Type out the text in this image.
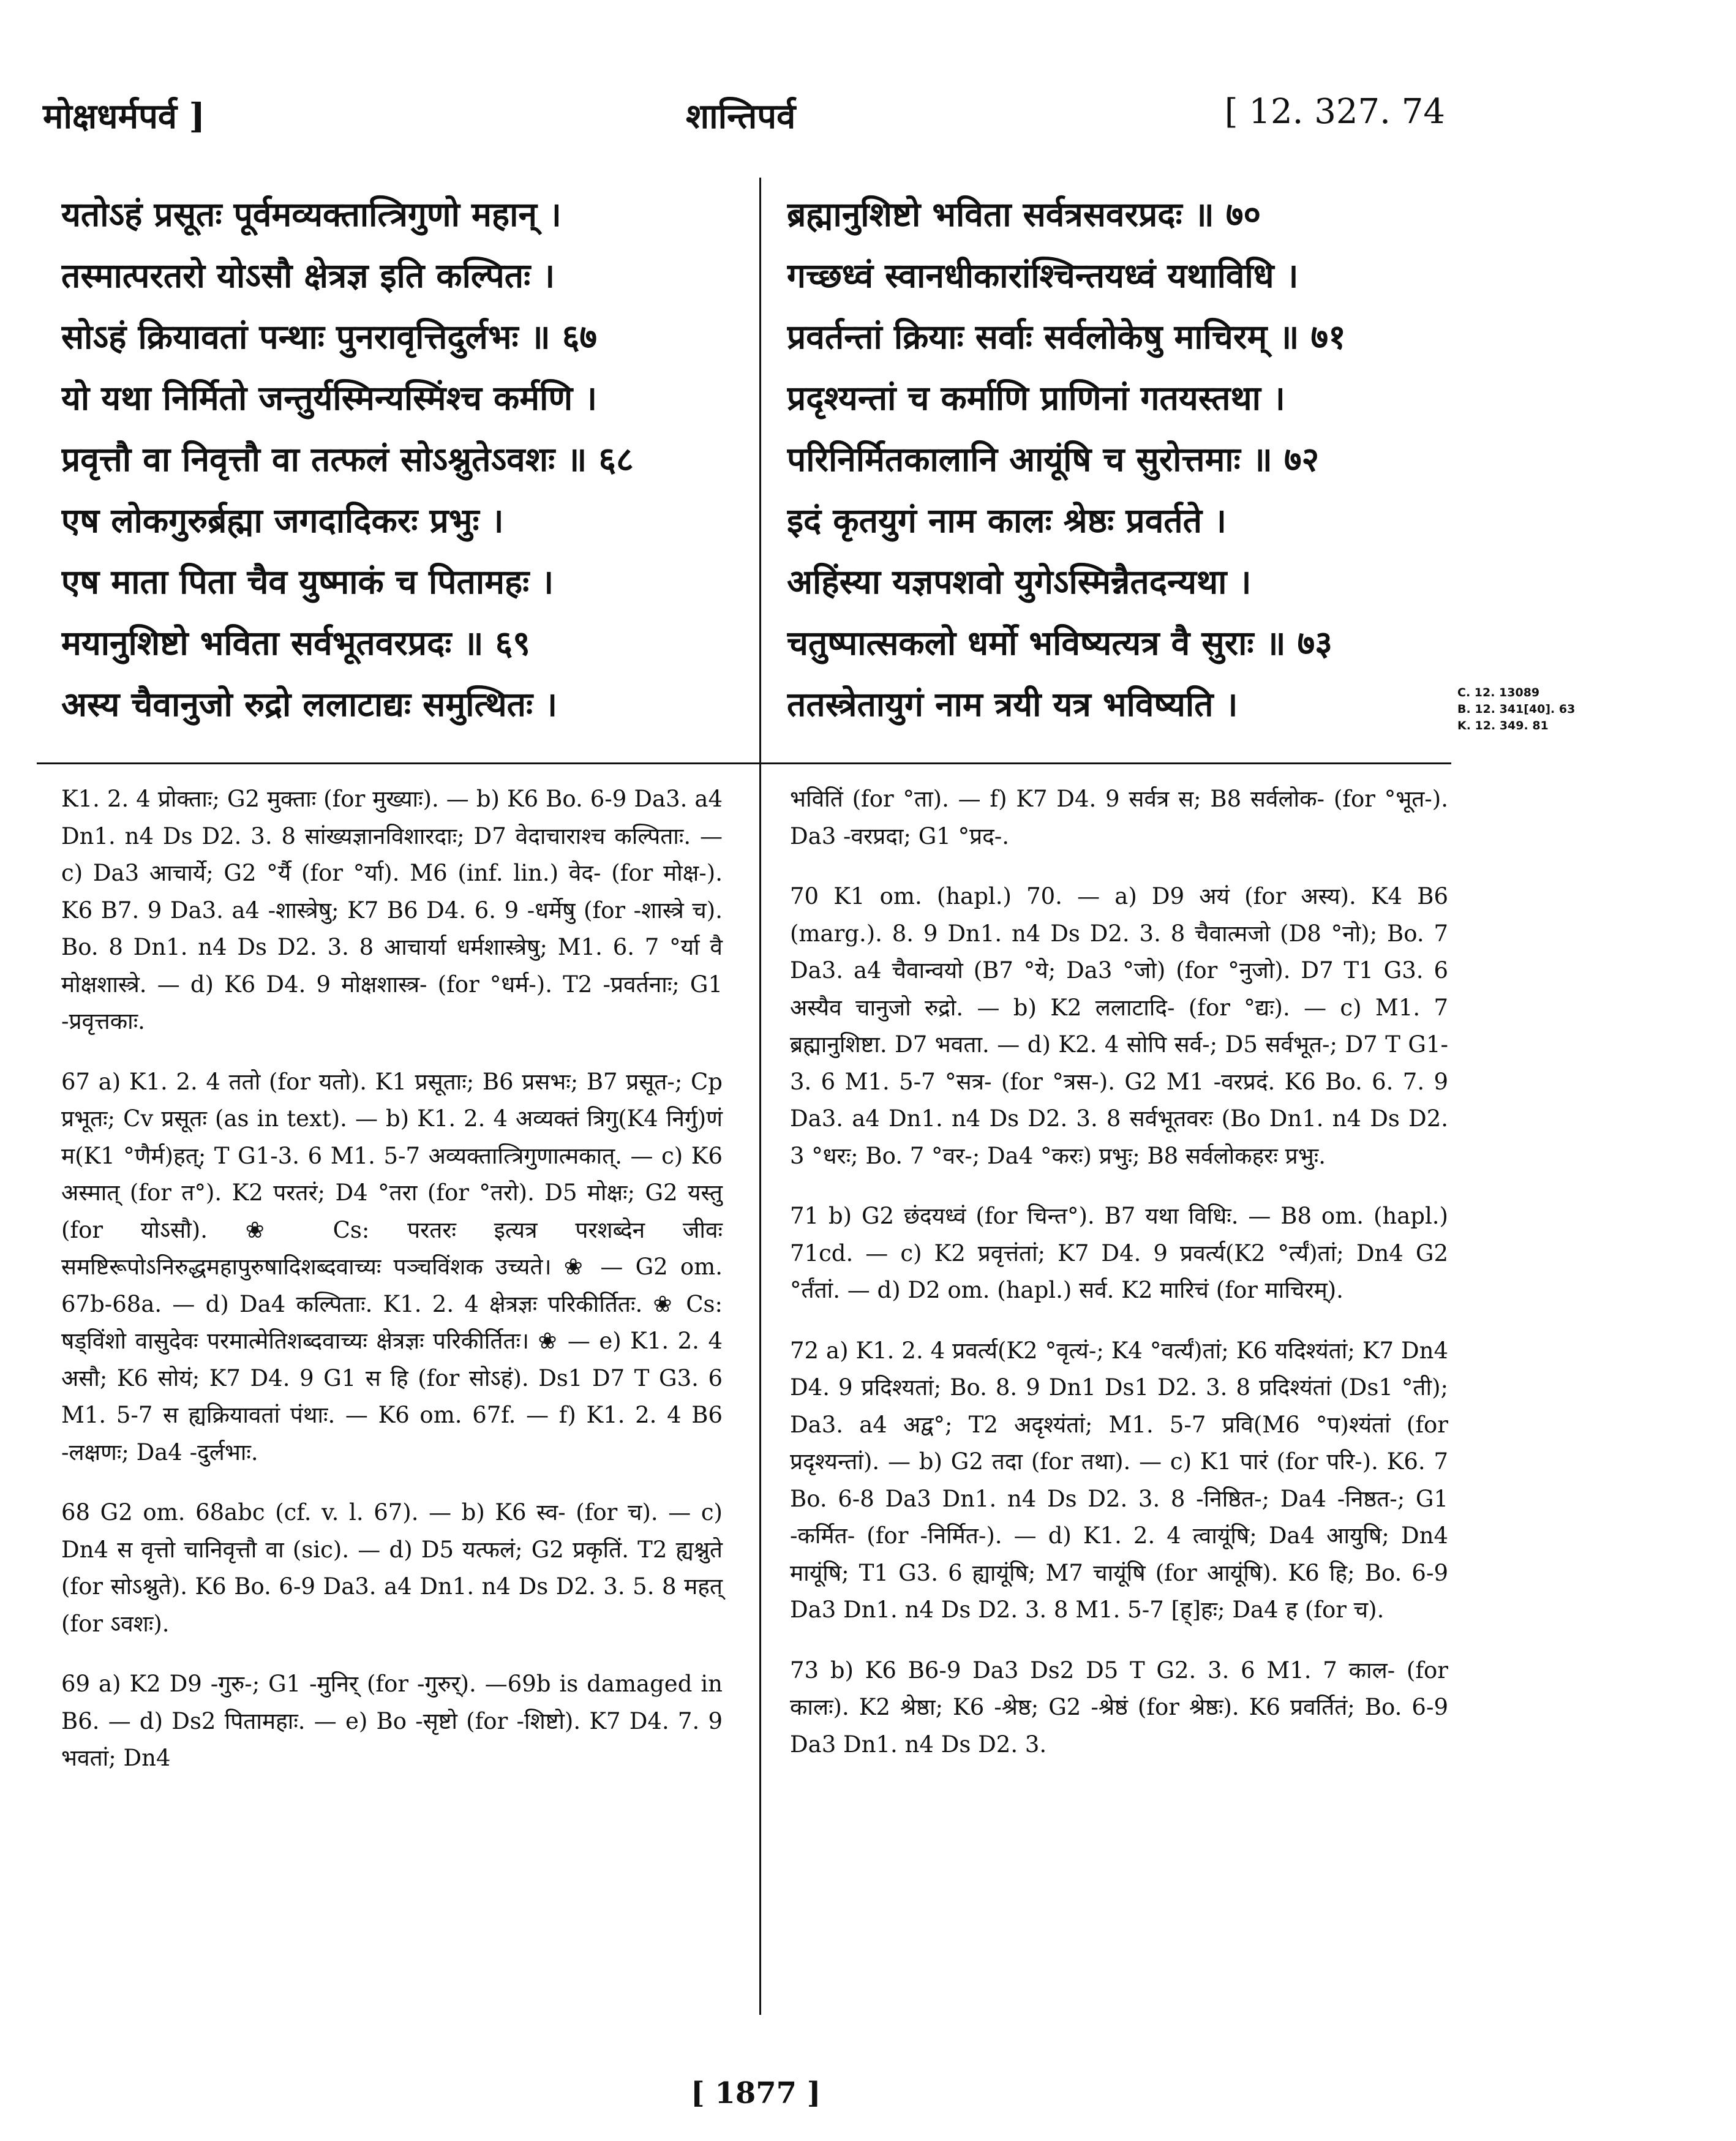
मोक्षधर्मपर्व ]	शान्तिपर्व	[ 12. 327. 74
यतोऽहं प्रसूतः पूर्वमव्यक्तात्त्रिगुणो महान् ।
तस्मात्परतरो योऽसौ क्षेत्रज्ञ इति कल्पितः ।
सोऽहं क्रियावतां पन्थाः पुनरावृत्तिदुर्लभः ॥ ६७
यो यथा निर्मितो जन्तुर्यस्मिन्यस्मिंश्च कर्मणि ।
प्रवृत्तौ वा निवृत्तौ वा तत्फलं सोऽश्नुतेऽवशः ॥ ६८
एष लोकगुरुर्ब्रह्मा जगदादिकरः प्रभुः ।
एष माता पिता चैव युष्माकं च पितामहः ।
मयानुशिष्टो भविता सर्वभूतवरप्रदः ॥ ६९
अस्य चैवानुजो रुद्रो ललाटाद्यः समुत्थितः ।
ब्रह्मानुशिष्टो भविता सर्वत्रसवरप्रदः ॥ ७०
गच्छध्वं स्वानधीकारांश्चिन्तयध्वं यथाविधि ।
प्रवर्तन्तां क्रियाः सर्वाः सर्वलोकेषु माचिरम् ॥ ७१
प्रदृश्यन्तां च कर्माणि प्राणिनां गतयस्तथा ।
परिनिर्मितकालानि आयूंषि च सुरोत्तमाः ॥ ७२
इदं कृतयुगं नाम कालः श्रेष्ठः प्रवर्तते ।
अहिंस्या यज्ञपशवो युगेऽस्मिन्नैतदन्यथा ।
चतुष्पात्सकलो धर्मो भविष्यत्यत्र वै सुराः ॥ ७३
ततस्त्रेतायुगं नाम त्रयी यत्र भविष्यति ।	C. 12. 13089
B. 12. 341[40]. 63
K. 12. 349. 81
K1. 2. 4 प्रोक्ताः; G2 मुक्ताः (for मुख्याः). — b) K6 Bo. 6-9 Da3. a4 Dn1. n4 Ds D2. 3. 8 सांख्यज्ञानविशारदाः; D7 वेदाचाराश्च कल्पिताः. — c) Da3 आचार्ये; G2 °र्यै (for °र्या). M6 (inf. lin.) वेद- (for मोक्ष-). K6 B7. 9 Da3. a4 -शास्त्रेषु; K7 B6 D4. 6. 9 -धर्मेषु (for -शास्त्रे च). Bo. 8 Dn1. n4 Ds D2. 3. 8 आचार्या धर्मशास्त्रेषु; M1. 6. 7 °र्या वै मोक्षशास्त्रे. — d) K6 D4. 9 मोक्षशास्त्र- (for °धर्म-). T2 -प्रवर्तनाः; G1 -प्रवृत्तकाः.
67 a) K1. 2. 4 ततो (for यतो). K1 प्रसूताः; B6 प्रसभः; B7 प्रसूत-; Cp प्रभूतः; Cv प्रसूतः (as in text). — b) K1. 2. 4 अव्यक्तं त्रिगु(K4 निर्गु)णं म(K1 °णैर्म)हत्; T G1-3. 6 M1. 5-7 अव्यक्तात्त्रिगुणात्मकात्. — c) K6 अस्मात् (for त°). K2 परतरं; D4 °तरा (for °तरो). D5 मोक्षः; G2 यस्तु (for योऽसौ). ❀ Cs: परतरः इत्यत्र परशब्देन जीवः समष्टिरूपोऽनिरुद्धमहापुरुषादिशब्दवाच्यः पञ्चविंशक उच्यते। ❀ — G2 om. 67b-68a. — d) Da4 कल्पिताः. K1. 2. 4 क्षेत्रज्ञः परिकीर्तितः. ❀ Cs: षड्विंशो वासुदेवः परमात्मेतिशब्दवाच्यः क्षेत्रज्ञः परिकीर्तितः। ❀ — e) K1. 2. 4 असौ; K6 सोयं; K7 D4. 9 G1 स हि (for सोऽहं). Ds1 D7 T G3. 6 M1. 5-7 स ह्यक्रियावतां पंथाः. — K6 om. 67f. — f) K1. 2. 4 B6 -लक्षणः; Da4 -दुर्लभाः.
68 G2 om. 68abc (cf. v. l. 67). — b) K6 स्व- (for च). — c) Dn4 स वृत्तो चानिवृत्तौ वा (sic). — d) D5 यत्फलं; G2 प्रकृतिं. T2 ह्यश्नुते (for सोऽश्नुते). K6 Bo. 6-9 Da3. a4 Dn1. n4 Ds D2. 3. 5. 8 महत् (for ऽवशः).
69 a) K2 D9 -गुरु-; G1 -मुनिर् (for -गुरुर्). —69b is damaged in B6. — d) Ds2 पितामहाः. — e) Bo -सृष्टो (for -शिष्टो). K7 D4. 7. 9 भवतां; Dn4
भवितिं (for °ता). — f) K7 D4. 9 सर्वत्र स; B8 सर्वलोक- (for °भूत-). Da3 -वरप्रदा; G1 °प्रद-.
70 K1 om. (hapl.) 70. — a) D9 अयं (for अस्य). K4 B6 (marg.). 8. 9 Dn1. n4 Ds D2. 3. 8 चैवात्मजो (D8 °नो); Bo. 7 Da3. a4 चैवान्वयो (B7 °ये; Da3 °जो) (for °नुजो). D7 T1 G3. 6 अस्यैव चानुजो रुद्रो. — b) K2 ललाटादि- (for °द्यः). — c) M1. 7 ब्रह्मानुशिष्टा. D7 भवता. — d) K2. 4 सोपि सर्व-; D5 सर्वभूत-; D7 T G1-3. 6 M1. 5-7 °सत्र- (for °त्रस-). G2 M1 -वरप्रदं. K6 Bo. 6. 7. 9 Da3. a4 Dn1. n4 Ds D2. 3. 8 सर्वभूतवरः (Bo Dn1. n4 Ds D2. 3 °धरः; Bo. 7 °वर-; Da4 °करः) प्रभुः; B8 सर्वलोकहरः प्रभुः.
71 b) G2 छंदयध्वं (for चिन्त°). B7 यथा विधिः. — B8 om. (hapl.) 71cd. — c) K2 प्रवृत्तंतां; K7 D4. 9 प्रवर्त्य(K2 °र्त्यं)तां; Dn4 G2 °र्तंतां. — d) D2 om. (hapl.) सर्व. K2 मारिचं (for माचिरम्).
72 a) K1. 2. 4 प्रवर्त्य(K2 °वृत्यं-; K4 °वर्त्यं)तां; K6 यदिश्यंतां; K7 Dn4 D4. 9 प्रदिश्यतां; Bo. 8. 9 Dn1 Ds1 D2. 3. 8 प्रदिश्यंतां (Ds1 °ती); Da3. a4 अद्व°; T2 अदृश्यंतां; M1. 5-7 प्रवि(M6 °प)श्यंतां (for प्रदृश्यन्तां). — b) G2 तदा (for तथा). — c) K1 पारं (for परि-). K6. 7 Bo. 6-8 Da3 Dn1. n4 Ds D2. 3. 8 -निष्ठित-; Da4 -निष्ठत-; G1 -कर्मित- (for -निर्मित-). — d) K1. 2. 4 त्वायूंषि; Da4 आयुषि; Dn4 मायूंषि; T1 G3. 6 ह्यायूंषि; M7 चायूंषि (for आयूंषि). K6 हि; Bo. 6-9 Da3 Dn1. n4 Ds D2. 3. 8 M1. 5-7 [ह्]हः; Da4 ह (for च).
73 b) K6 B6-9 Da3 Ds2 D5 T G2. 3. 6 M1. 7 काल- (for कालः). K2 श्रेष्ठा; K6 -श्रेष्ठ; G2 -श्रेष्ठं (for श्रेष्ठः). K6 प्रवर्तितं; Bo. 6-9 Da3 Dn1. n4 Ds D2. 3.
[ 1877 ]
